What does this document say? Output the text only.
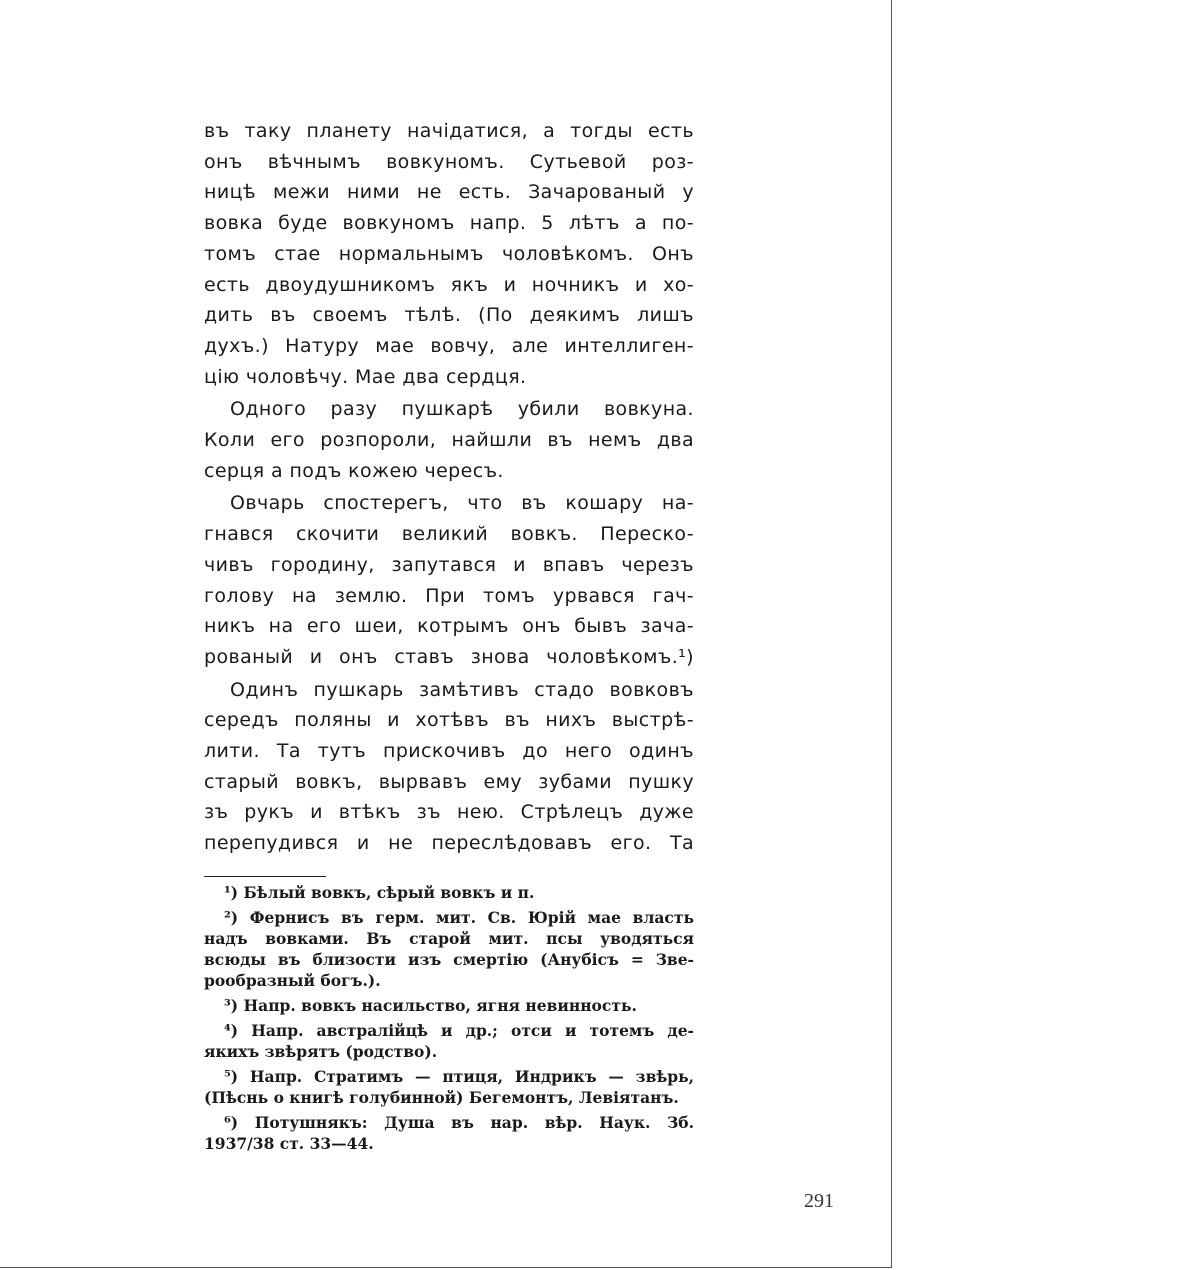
въ таку планету начідатися, а тогды есть
онъ вѣчнымъ вовкуномъ. Сутьевой роз-
ницѣ межи ними не есть. Зачарованый у
вовка буде вовкуномъ напр. 5 лѣтъ а по-
томъ стае нормальнымъ чоловѣкомъ. Онъ
есть двоудушникомъ якъ и ночникъ и хо-
дить въ своемъ тѣлѣ. (По деякимъ лишъ
духъ.) Натуру мае вовчу, але интеллиген-
цію чоловѣчу. Мае два сердця.
Одного разу пушкарѣ убили вовкуна.
Коли его розпороли, найшли въ немъ два
серця а подъ кожею чересъ.
Овчарь спостерегъ, что въ кошару на-
гнався скочити великий вовкъ. Перескo-
чивъ городину, запутався и впавъ черезъ
голову на землю. При томъ урвався гач-
никъ на его шеи, котрымъ онъ бывъ зача-
рованый и онъ ставъ знова чоловѣкомъ.¹)
Одинъ пушкарь замѣтивъ стадо вовковъ
середъ поляны и хотѣвъ въ нихъ выстрѣ-
лити. Та тутъ прискочивъ до него одинъ
старый вовкъ, вырвавъ ему зубами пушку
зъ рукъ и втѣкъ зъ нею. Стрѣлецъ дуже
перепудився и не переслѣдовавъ его. Та
¹) Бѣлый вовкъ, сѣрый вовкъ и п.
²) Фернисъ въ герм. мит. Св. Юрій мае власть
надъ вовками. Въ старой мит. псы уводяться
всюды въ близости изъ смертію (Анубісъ = Зве-
рообразный богъ.).
³) Напр. вовкъ насильство, ягня невинность.
⁴) Напр. австралійцѣ и др.; отси и тотемъ де-
якихъ звѣрятъ (родство).
⁵) Напр. Стратимъ — птиця, Индрикъ — звѣрь,
(Пѣснь о книгѣ голубинной) Бегемонтъ, Левіятанъ.
⁶) Потушнякъ: Душа въ нар. вѣр. Наук. Зб.
1937/38 ст. 33—44.
291
